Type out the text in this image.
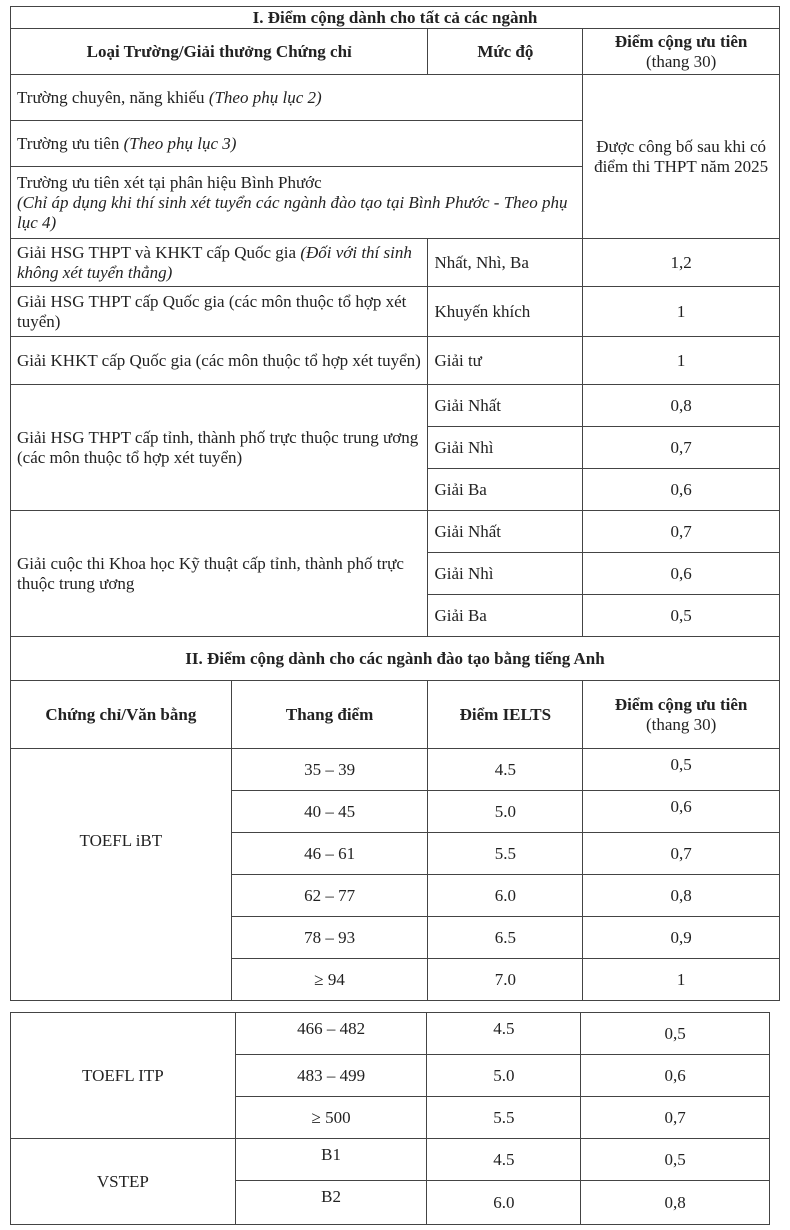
I. Điểm cộng dành cho tất cả các ngành			
Loại Trường/Giải thưởng Chứng chỉ		Mức độ	Điểm cộng ưu tiên
(thang 30)

Trường chuyên, năng khiếu (Theo phụ lục 2)			Được công bố sau khi có điểm thi THPT năm 2025
Trường ưu tiên (Theo phụ lục 3)			

Trường ưu tiên xét tại phân hiệu Bình Phước
(Chỉ áp dụng khi thí sinh xét tuyển các ngành đào tạo tại Bình Phước - Theo phụ lục 4)			

Giải HSG THPT và KHKT cấp Quốc gia (Đối với thí sinh không xét tuyển thẳng)		Nhất, Nhì, Ba	1,2
Giải HSG THPT cấp Quốc gia (các môn thuộc tổ hợp xét tuyển)		Khuyến khích	1
Giải KHKT cấp Quốc gia (các môn thuộc tổ hợp xét tuyển)		Giải tư	1
Giải HSG THPT cấp tỉnh, thành phố trực thuộc trung ương (các môn thuộc tổ hợp xét tuyển)		Giải Nhất	0,8
		Giải Nhì	0,7
		Giải Ba	0,6
Giải cuộc thi Khoa học Kỹ thuật cấp tỉnh, thành phố trực thuộc trung ương		Giải Nhất	0,7
		Giải Nhì	0,6
		Giải Ba	0,5
II. Điểm cộng dành cho các ngành đào tạo bằng tiếng Anh			
Chứng chỉ/Văn bằng	Thang điểm	Điểm IELTS	Điểm cộng ưu tiên
(thang 30)

TOEFL iBT	35 – 39	4.5	0,5
	40 – 45	5.0	0,6
	46 – 61	5.5	0,7
	62 – 77	6.0	0,8
	78 – 93	6.5	0,9
	≥ 94	7.0	1
TOEFL ITP	466 – 482	4.5	0,5
	483 – 499	5.0	0,6
	≥ 500	5.5	0,7
VSTEP	B1	4.5	0,5
	B2	6.0	0,8
